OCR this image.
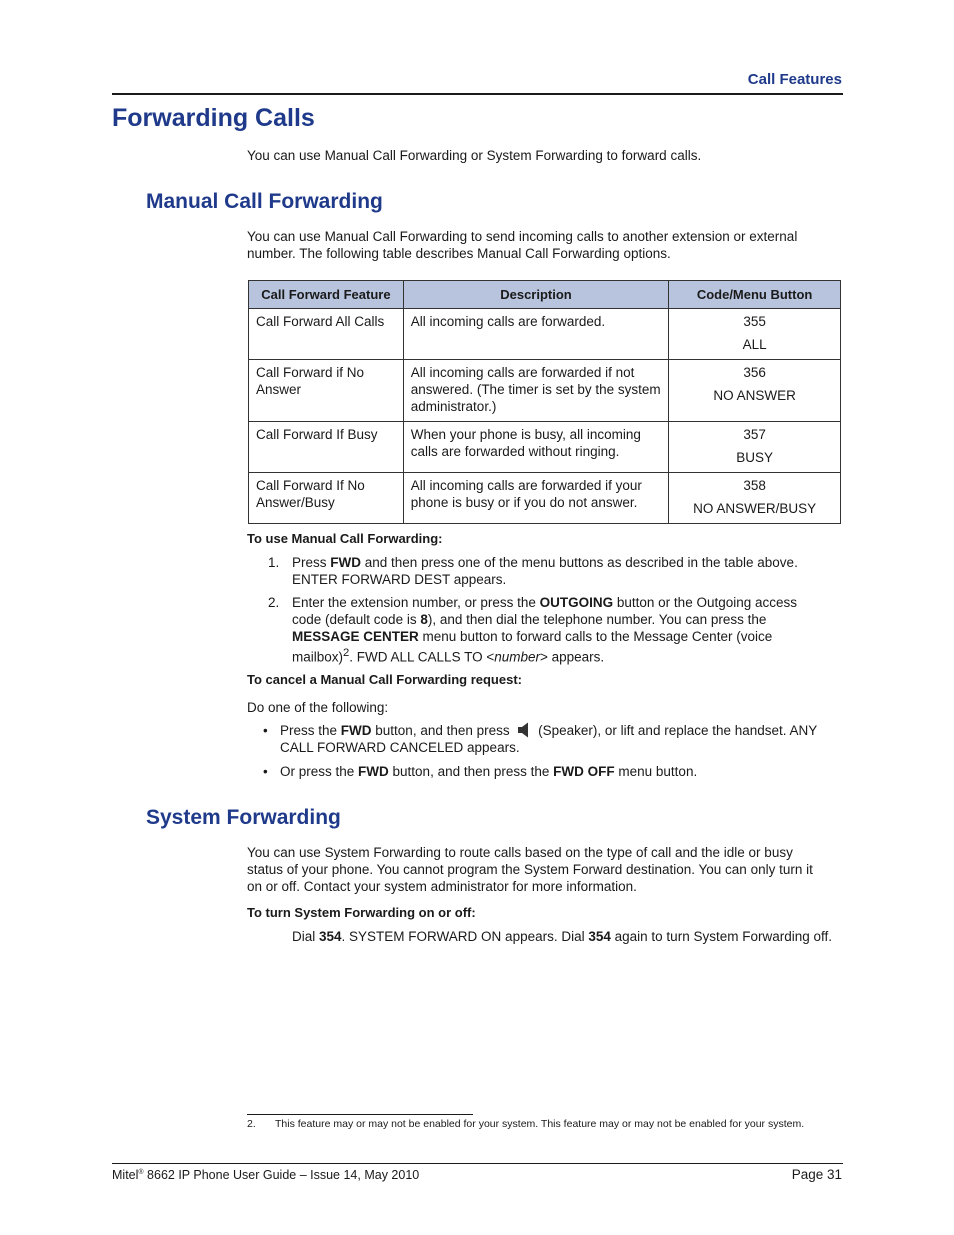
Call Features
Forwarding Calls

You can use Manual Call Forwarding or System Forwarding to forward calls.

Manual Call Forwarding

You can use Manual Call Forwarding to send incoming calls to another extension or external
number. The following table describes Manual Call Forwarding options.

Call Forward Feature	Description	Code/Menu Button
Call Forward All Calls	All incoming calls are forwarded.	355
ALL

Call Forward if No Answer	All incoming calls are forwarded if not answered. (The timer is set by the system administrator.)	356
NO ANSWER

Call Forward If Busy	When your phone is busy, all incoming calls are forwarded without ringing.	357
BUSY

Call Forward If No Answer/Busy	All incoming calls are forwarded if your phone is busy or if you do not answer.	358
NO ANSWER/BUSY

To use Manual Call Forwarding:

1. Press FWD and then press one of the menu buttons as described in the table above. ENTER FORWARD DEST appears.
2. Enter the extension number, or press the OUTGOING button or the Outgoing access code (default code is 8), and then dial the telephone number. You can press the MESSAGE CENTER menu button to forward calls to the Message Center (voice mailbox)$^2$. FWD ALL CALLS TO <number> appears.

To cancel a Manual Call Forwarding request:

Do one of the following:

• Press the FWD button, and then press  (Speaker), or lift and replace the handset. ANY CALL FORWARD CANCELED appears.
• Or press the FWD button, and then press the FWD OFF menu button.
System Forwarding

You can use System Forwarding to route calls based on the type of call and the idle or busy
status of your phone. You cannot program the System Forward destination. You can only turn it
on or off. Contact your system administrator for more information.

To turn System Forwarding on or off:

Dial 354. SYSTEM FORWARD ON appears. Dial 354 again to turn System Forwarding off.

2. This feature may or may not be enabled for your system. This feature may or may not be enabled for your system.
Mitel® 8662 IP Phone User Guide – Issue 14, May 2010	Page 31
